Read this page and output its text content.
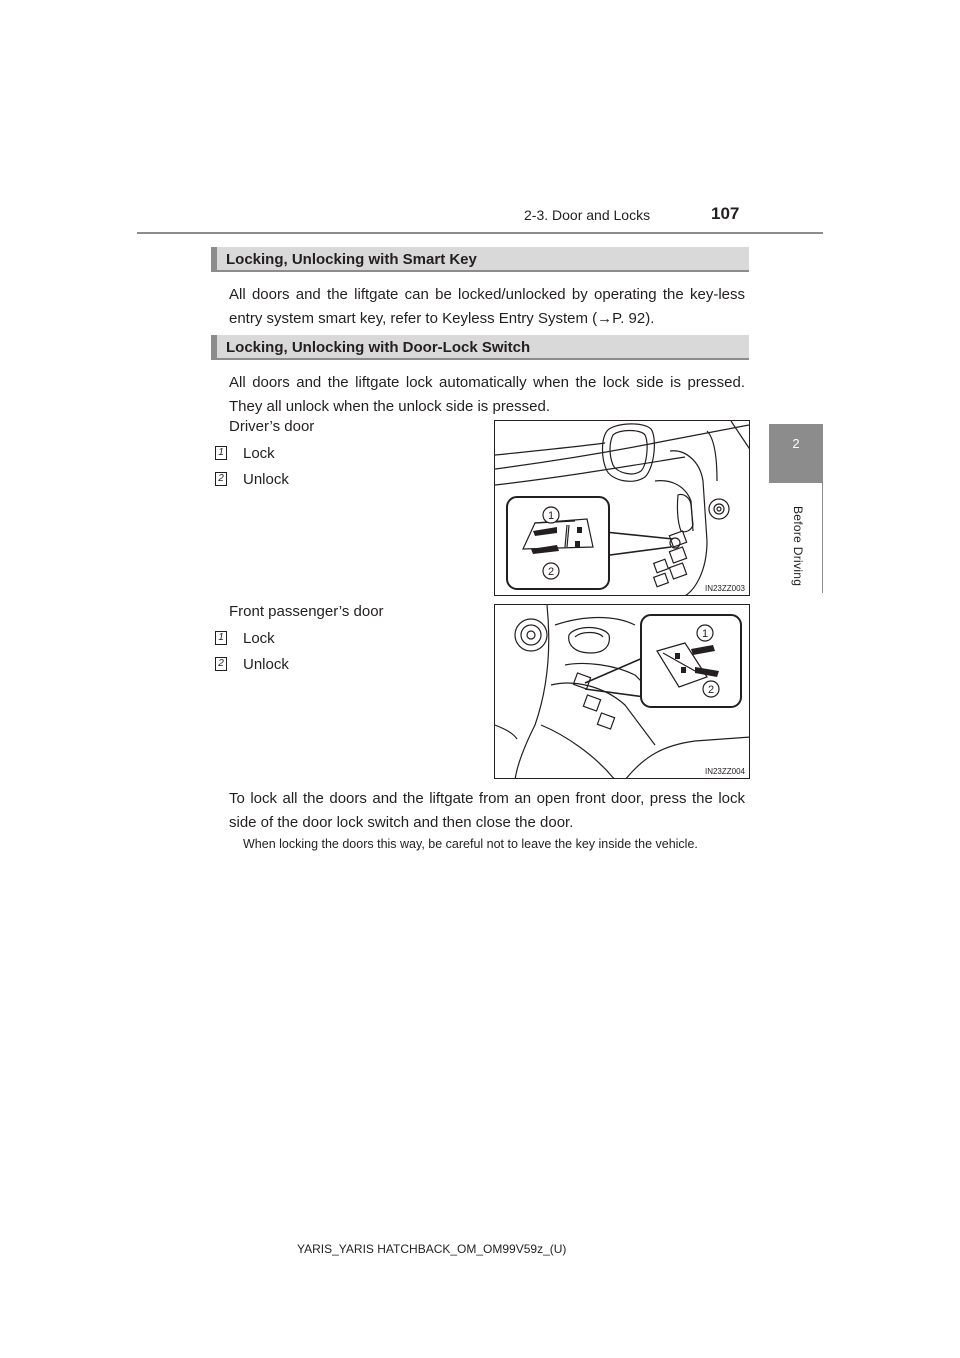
2-3. Door and Locks	107
2
Before Driving
Locking, Unlocking with Smart Key
All doors and the liftgate can be locked/unlocked by operating the key-less entry system smart key, refer to Keyless Entry System (→P. 92).
Locking, Unlocking with Door-Lock Switch
All doors and the liftgate lock automatically when the lock side is pressed. They all unlock when the unlock side is pressed.
Driver’s door
1 Lock
2 Unlock
1
2
IN23ZZ003
Front passenger’s door
1 Lock
2 Unlock
1
2
IN23ZZ004
To lock all the doors and the liftgate from an open front door, press the lock side of the door lock switch and then close the door.
When locking the doors this way, be careful not to leave the key inside the vehicle.
YARIS_YARIS HATCHBACK_OM_OM99V59z_(U)
